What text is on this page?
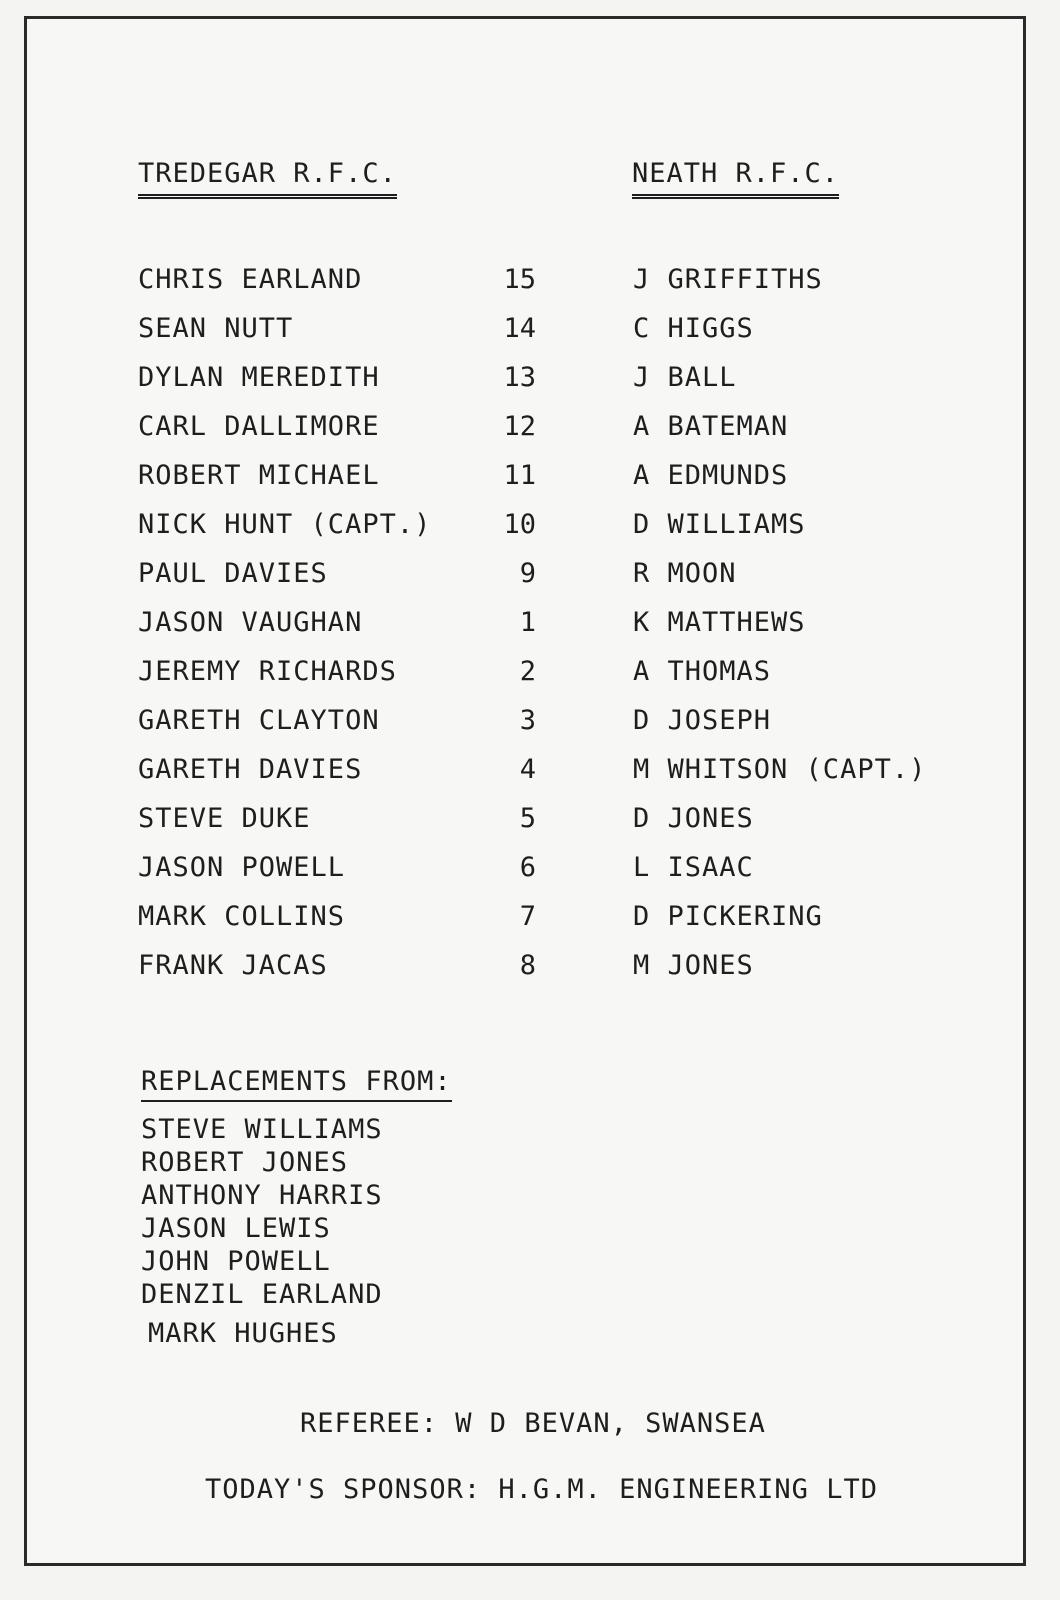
TREDEGAR R.F.C.	NEATH R.F.C.
CHRIS EARLAND	15	J GRIFFITHS
SEAN NUTT	14	C HIGGS
DYLAN MEREDITH	13	J BALL
CARL DALLIMORE	12	A BATEMAN
ROBERT MICHAEL	11	A EDMUNDS
NICK HUNT (CAPT.)	10	D WILLIAMS
PAUL DAVIES	9	R MOON
JASON VAUGHAN	1	K MATTHEWS
JEREMY RICHARDS	2	A THOMAS
GARETH CLAYTON	3	D JOSEPH
GARETH DAVIES	4	M WHITSON (CAPT.)
STEVE DUKE	5	D JONES
JASON POWELL	6	L ISAAC
MARK COLLINS	7	D PICKERING
FRANK JACAS	8	M JONES
REPLACEMENTS FROM:
STEVE WILLIAMS
ROBERT JONES
ANTHONY HARRIS
JASON LEWIS
JOHN POWELL
DENZIL EARLAND
MARK HUGHES
REFEREE: W D BEVAN, SWANSEA
TODAY'S SPONSOR: H.G.M. ENGINEERING LTD
